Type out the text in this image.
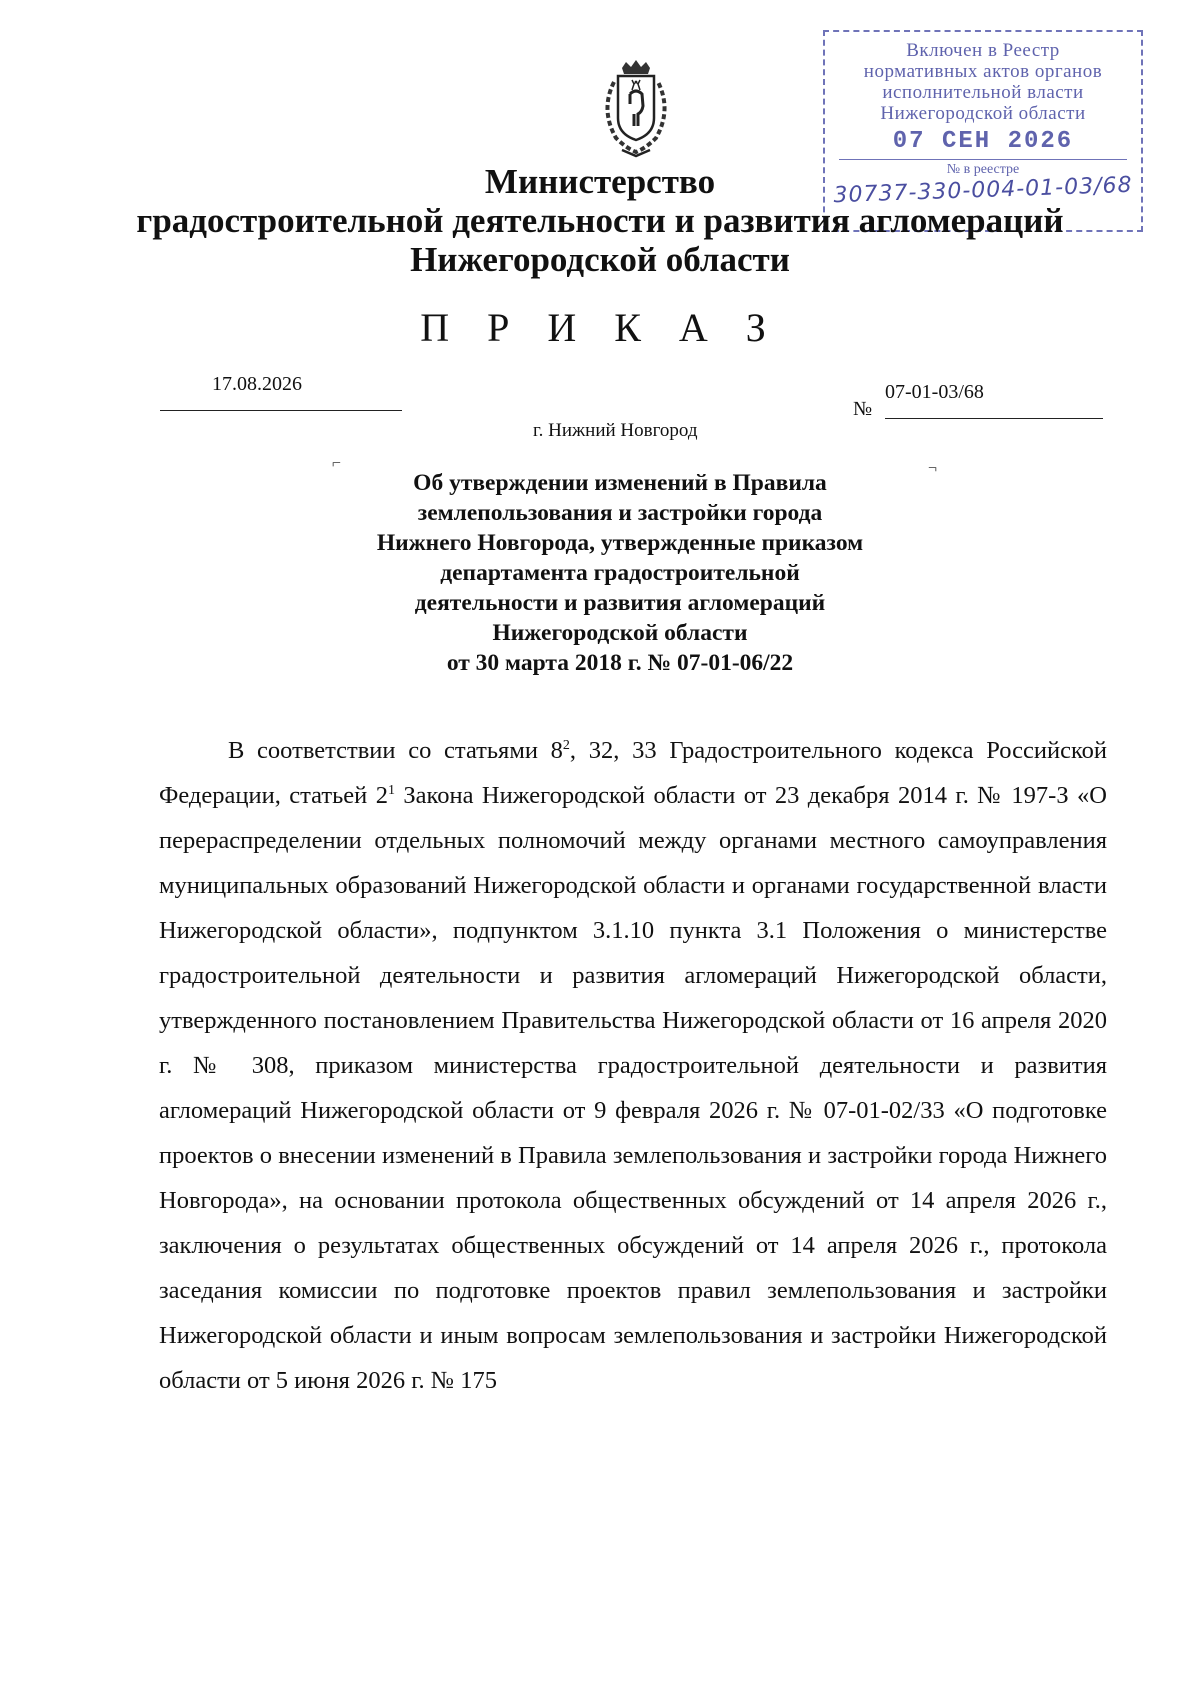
Включен в Реестр
нормативных актов органов
исполнительной власти
Нижегородской области
07 СЕН 2026
№ в реестре
30737-330-004-01-03/68
Министерство
градостроительной деятельности и развития агломераций
Нижегородской области
П Р И К А З
17.08.2026
№
07-01-03/68
г. Нижний Новгород
⌐	¬
Об утверждении изменений в Правила
землепользования и застройки города
Нижнего Новгорода, утвержденные приказом
департамента градостроительной
деятельности и развития агломераций
Нижегородской области
от 30 марта 2018 г. № 07-01-06/22

В соответствии со статьями $8^2$, 32, 33 Градостроительного кодекса Российской Федерации, статьей $2^1$ Закона Нижегородской области от 23 декабря 2014 г. № 197-З «О перераспределении отдельных полномочий между органами местного самоуправления муниципальных образований Нижегородской области и органами государственной власти Нижегородской области», подпунктом 3.1.10 пункта 3.1 Положения о министерстве градостроительной деятельности и развития агломераций Нижегородской области, утвержденного постановлением Правительства Нижегородской области от 16 апреля 2020 г. № 308, приказом министерства градостроительной деятельности и развития агломераций Нижегородской области от 9 февраля 2026 г. № 07-01-02/33 «О подготовке проектов о внесении изменений в Правила землепользования и застройки города Нижнего Новгорода», на основании протокола общественных обсуждений от 14 апреля 2026 г., заключения о результатах общественных обсуждений от 14 апреля 2026 г., протокола заседания комиссии по подготовке проектов правил землепользования и застройки Нижегородской области и иным вопросам землепользования и застройки Нижегородской области от 5 июня 2026 г. № 175
